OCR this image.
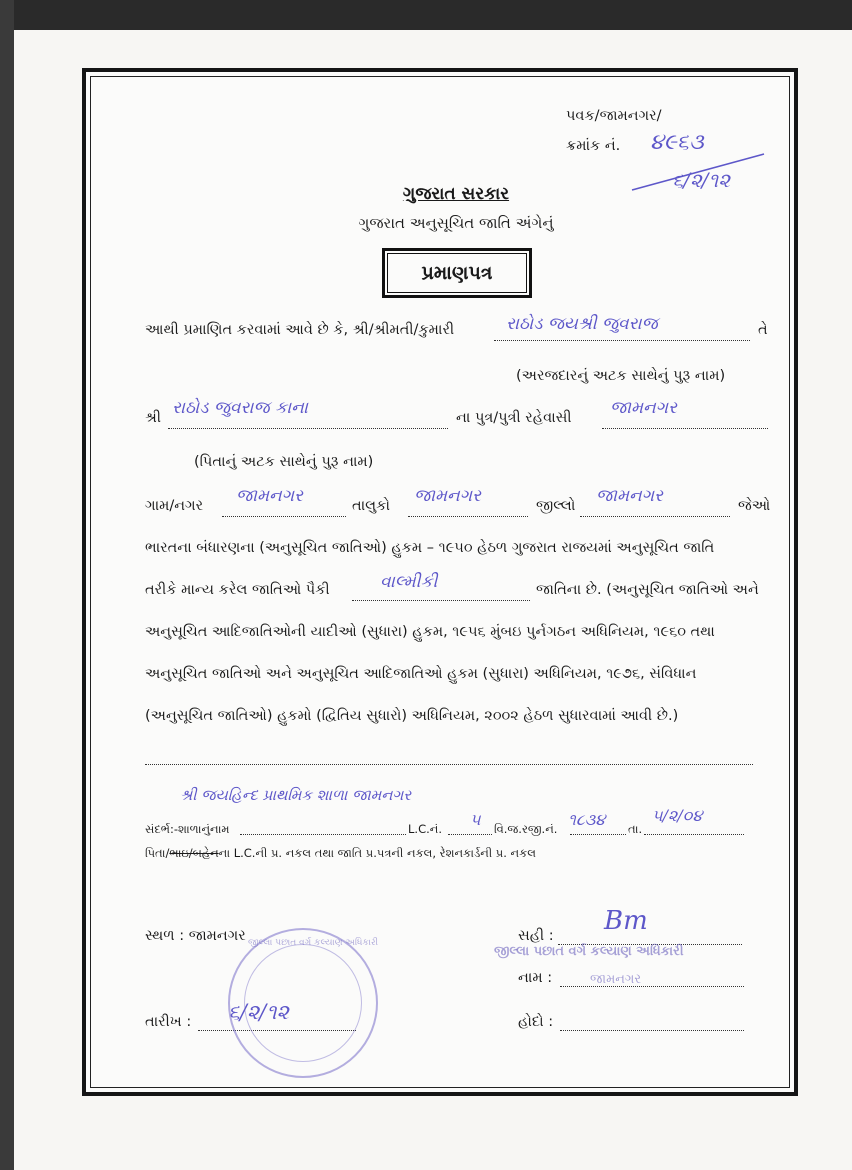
પવક/જામનગર/
ક્રમાંક નં. ૪૯૬૩
૬/૨/૧૨
ગુજરાત સરકાર
ગુજરાત અનુસૂચિત જાતિ અંગેનું
પ્રમાણપત્ર
આથી પ્રમાણિત કરવામાં આવે છે કે, શ્રી/શ્રીમતી/કુમારી	રાઠોડ જયશ્રી જુવરાજ	તે
(અરજદારનું અટક સાથેનું પુરૂ નામ)
શ્રી રાઠોડ જુવરાજ કાના	ના પુત્ર/પુત્રી રહેવાસી જામનગર
(પિતાનું અટક સાથેનું પુરૂ નામ)
ગામ/નગર જામનગર	તાલુકો જામનગર	જીલ્લો જામનગર	જેઓ
ભારતના બંધારણના (અનુસૂચિત જાતિઓ) હુકમ – ૧૯૫૦ હેઠળ ગુજરાત રાજયમાં અનુસૂચિત જાતિ
તરીકે માન્ય કરેલ જાતિઓ પૈકી	વાલ્મીકી	જાતિના છે. (અનુસૂચિત જાતિઓ અને
અનુસૂચિત આદિજાતિઓની યાદીઓ (સુધારા) હુકમ, ૧૯૫૬ મુંબઇ પુર્નગઠન અધિનિયમ, ૧૯૬૦ તથા
અનુસૂચિત જાતિઓ અને અનુસૂચિત આદિજાતિઓ હુકમ (સુધારા) અધિનિયમ, ૧૯૭૬, સંવિધાન
(અનુસૂચિત જાતિઓ) હુકમો (દ્વિતિય સુધારો) અધિનિયમ, ૨૦૦૨ હેઠળ સુધારવામાં આવી છે.)
શ્રી જયહિન્દ પ્રાથમિક શાળા જામનગર
સંદર્ભ:-શાળાનુંનામ	L.C.નં. ૫ વિ.જ.રજી.નં. ૧૮૩૪ તા.
૫/૨/૦૪
પિતા/ભાઇ/બહેનના L.C.ની પ્ર. નકલ તથા જાતિ પ્ર.પત્રની નકલ, રેશનકાર્ડની પ્ર. નકલ
સ્થળ : જામનગર	સહી : Bm
જીલ્લા પછાત વર્ગ કલ્યાણ અધિકારી
નામ :	જામનગર
તારીખ : ૬/૨/૧૨	હોદો :
જીલ્લા પછાત વર્ગ કલ્યાણ અધિકારી
